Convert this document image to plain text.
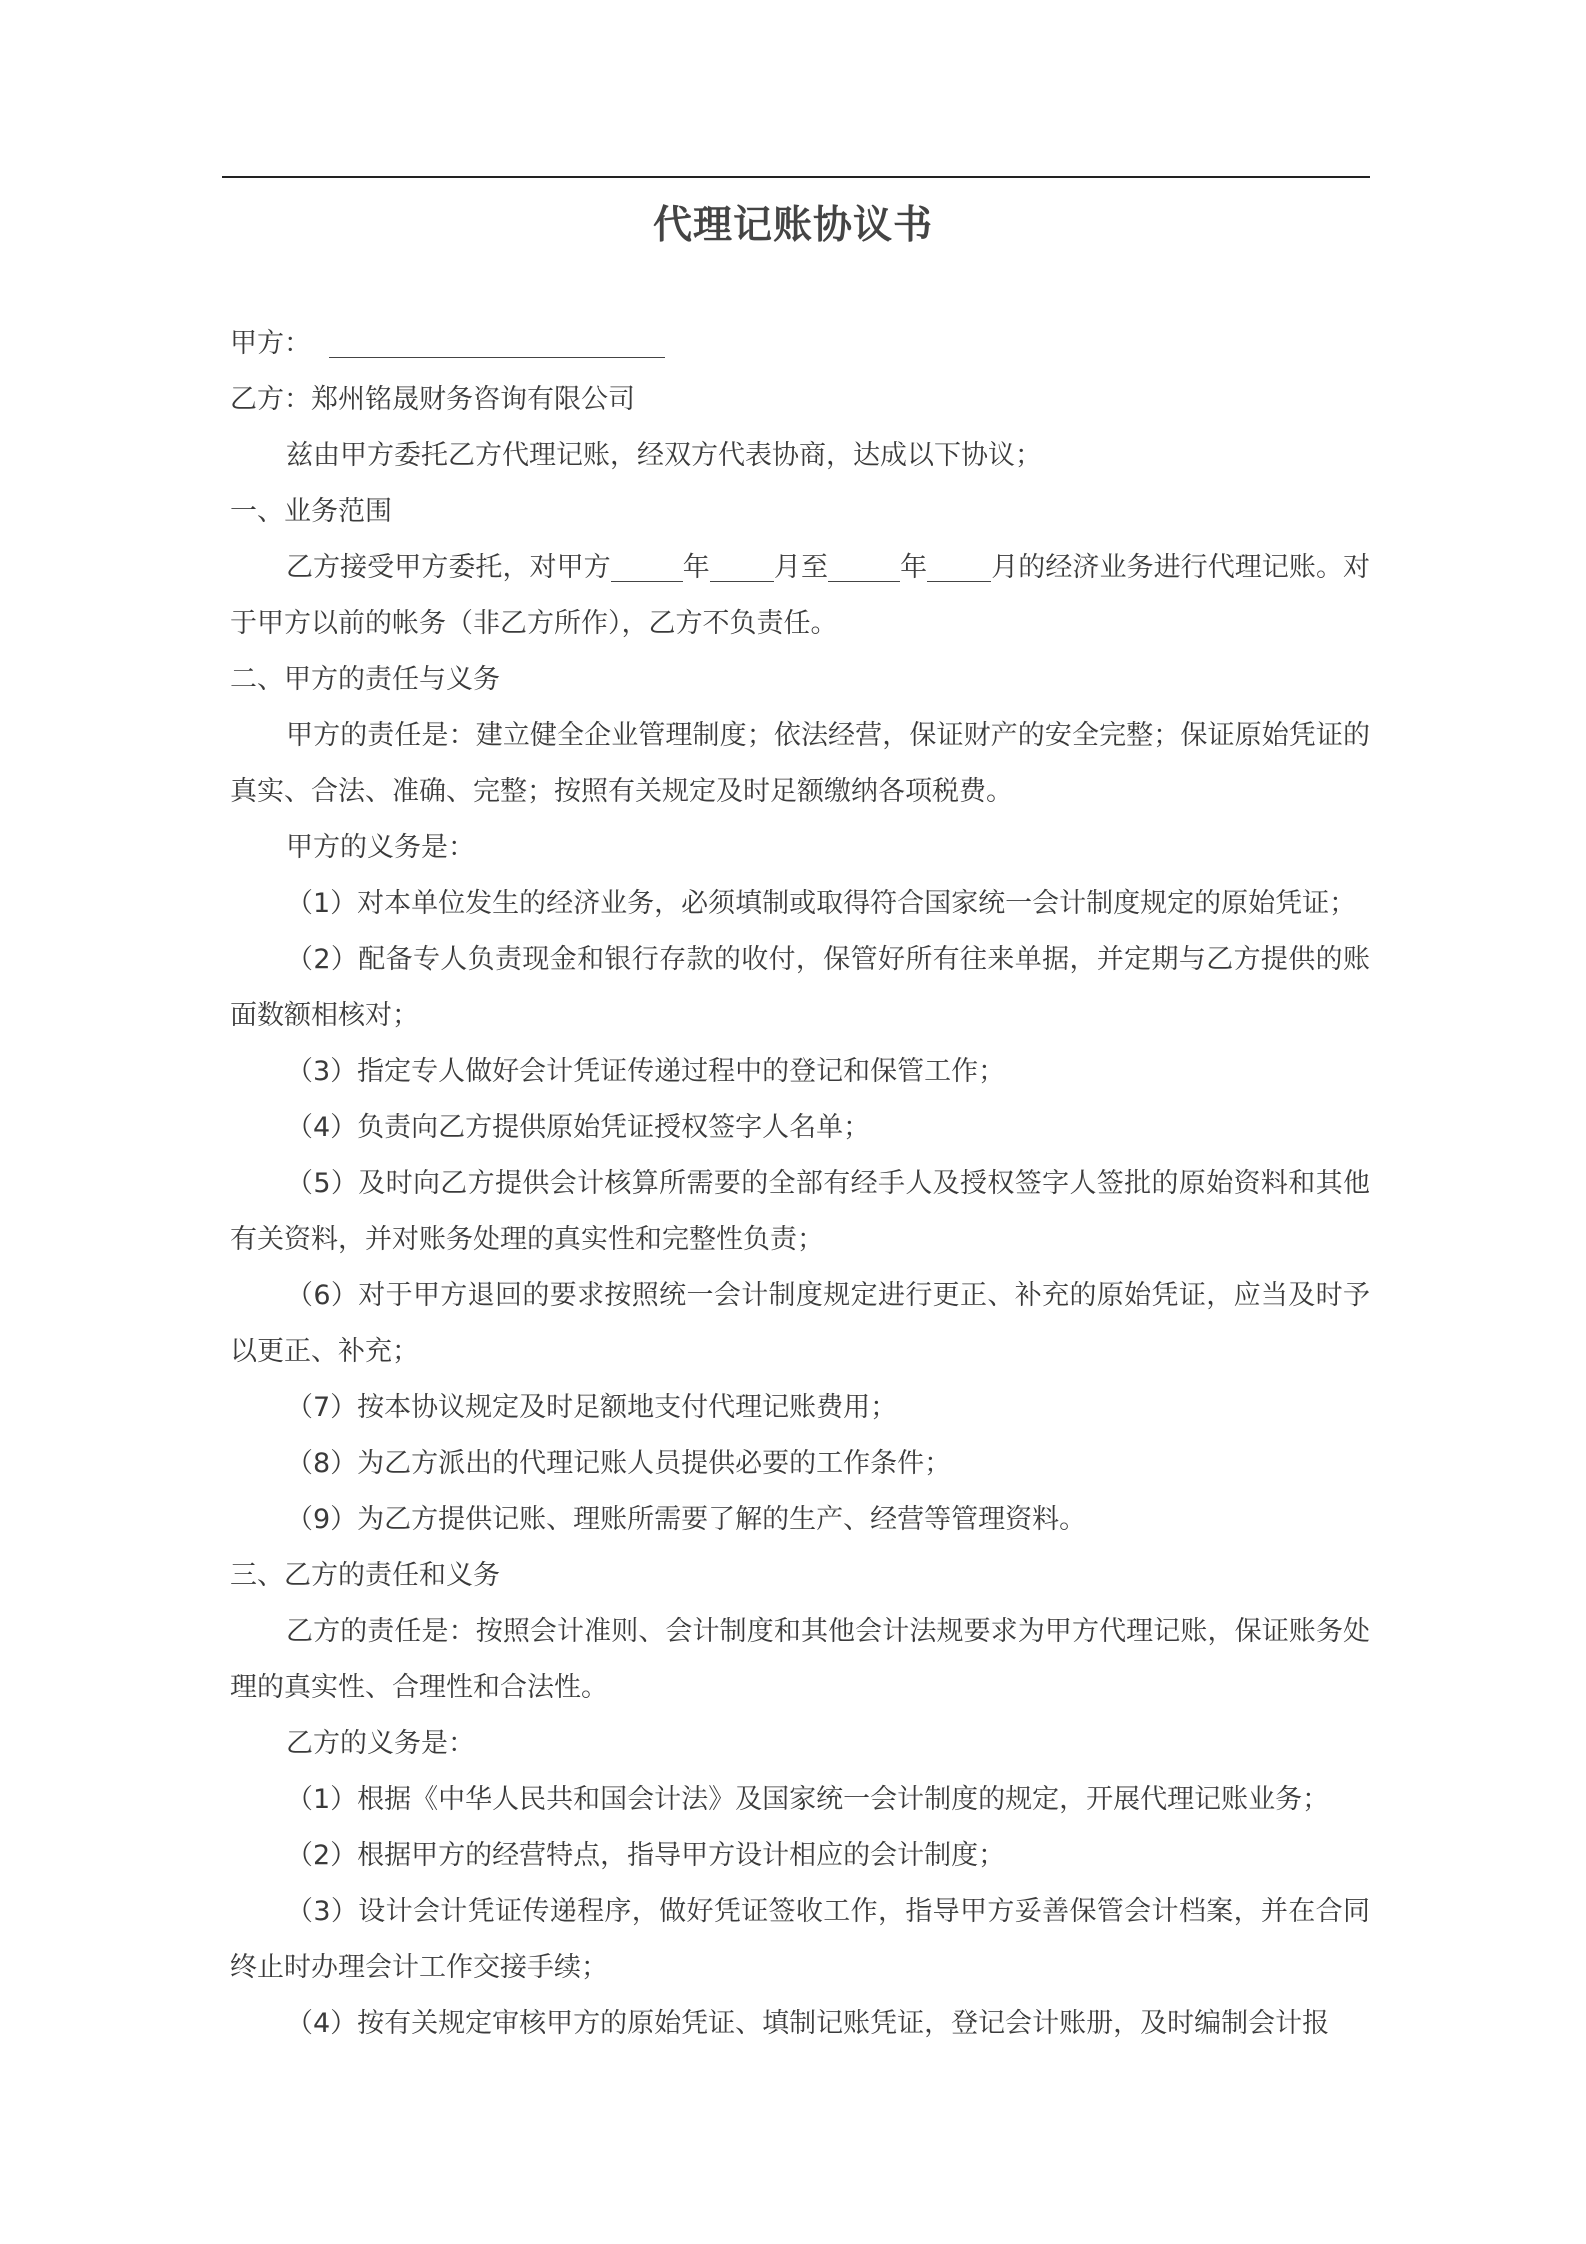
代理记账协议书

甲方：

乙方：郑州铭晟财务咨询有限公司

兹由甲方委托乙方代理记账，经双方代表协商，达成以下协议；

一、业务范围

乙方接受甲方委托，对甲方	年 月至	年 月的经济业务进行代理记账。对于甲方以前的帐务（非乙方所作），乙方不负责任。

二、甲方的责任与义务

甲方的责任是：建立健全企业管理制度；依法经营，保证财产的安全完整；保证原始凭证的真实、合法、准确、完整；按照有关规定及时足额缴纳各项税费。

甲方的义务是：

（1）对本单位发生的经济业务，必须填制或取得符合国家统一会计制度规定的原始凭证；

（2）配备专人负责现金和银行存款的收付，保管好所有往来单据，并定期与乙方提供的账面数额相核对；

（3）指定专人做好会计凭证传递过程中的登记和保管工作；

（4）负责向乙方提供原始凭证授权签字人名单；

（5）及时向乙方提供会计核算所需要的全部有经手人及授权签字人签批的原始资料和其他有关资料，并对账务处理的真实性和完整性负责；

（6）对于甲方退回的要求按照统一会计制度规定进行更正、补充的原始凭证，应当及时予以更正、补充；

（7）按本协议规定及时足额地支付代理记账费用；

（8）为乙方派出的代理记账人员提供必要的工作条件；

（9）为乙方提供记账、理账所需要了解的生产、经营等管理资料。

三、乙方的责任和义务

乙方的责任是：按照会计准则、会计制度和其他会计法规要求为甲方代理记账，保证账务处理的真实性、合理性和合法性。

乙方的义务是：

（1）根据《中华人民共和国会计法》及国家统一会计制度的规定，开展代理记账业务；

（2）根据甲方的经营特点，指导甲方设计相应的会计制度；

（3）设计会计凭证传递程序，做好凭证签收工作，指导甲方妥善保管会计档案，并在合同终止时办理会计工作交接手续；

（4）按有关规定审核甲方的原始凭证、填制记账凭证，登记会计账册，及时编制会计报
